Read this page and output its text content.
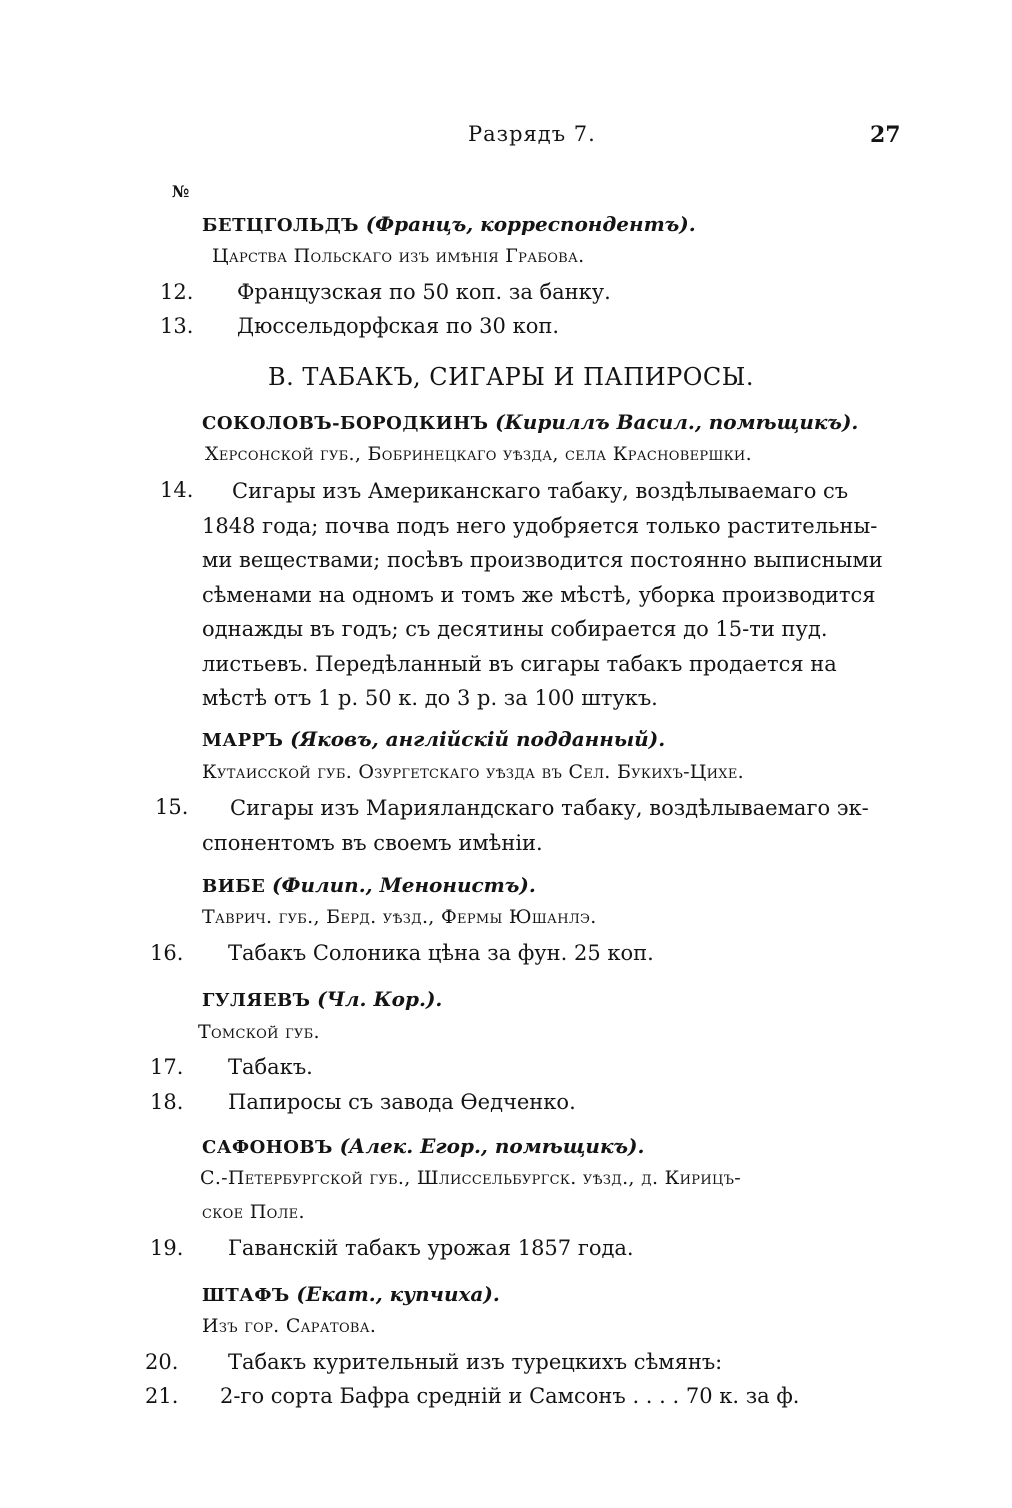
Разрядъ 7.	27
№
БЕТЦГОЛЬДЪ (Францъ, корреспондентъ).
Царства Польскаго изъ имѣнія Грабова.
12. Французская по 50 коп. за банку.
13. Дюссельдорфская по 30 коп.
В. ТАБАКЪ, СИГАРЫ И ПАПИРОСЫ.
СОКОЛОВЪ-БОРОДКИНЪ (Кириллъ Васил., помѣщикъ).
Херсонской губ., Бобринецкаго уѣзда, села Красновершки.
14.	Сигары изъ Американскаго табаку, воздѣлываемаго съ
1848 года; почва подъ него удобряется только растительны-
ми веществами; посѣвъ производится постоянно выписными
сѣменами на одномъ и томъ же мѣстѣ, уборка производится
однажды въ годъ; съ десятины собирается до 15-ти пуд.
листьевъ. Передѣланный въ сигары табакъ продается на
мѣстѣ отъ 1 р. 50 к. до 3 р. за 100 штукъ.
МАРРЪ (Яковъ, англійскій подданный).
Кутаисской губ. Озургетскаго уѣзда въ Сел. Букихъ-Цихе.
15.	Сигары изъ Марияландскаго табаку, воздѣлываемаго эк-
спонентомъ въ своемъ имѣніи.
ВИБЕ (Филип., Менонистъ).
Таврич. губ., Берд. уѣзд., Фермы Юшанлэ.
16. Табакъ Солоника цѣна за фун. 25 коп.
ГУЛЯЕВЪ (Чл. Кор.).
Томской губ.
17. Табакъ.
18. Папиросы съ завода Ѳедченко.
САФОНОВЪ (Алек. Егор., помѣщикъ).
С.-Петербургской губ., Шлиссельбургск. уѣзд., д. Кирицъ-
ское Поле.
19. Гаванскій табакъ урожая 1857 года.
ШТАФЪ (Екат., купчиха).
Изъ гор. Саратова.
20. Табакъ курительный изъ турецкихъ сѣмянъ:
21. 2-го сорта Бафра средній и Самсонъ . . . . 70 к. за ф.
